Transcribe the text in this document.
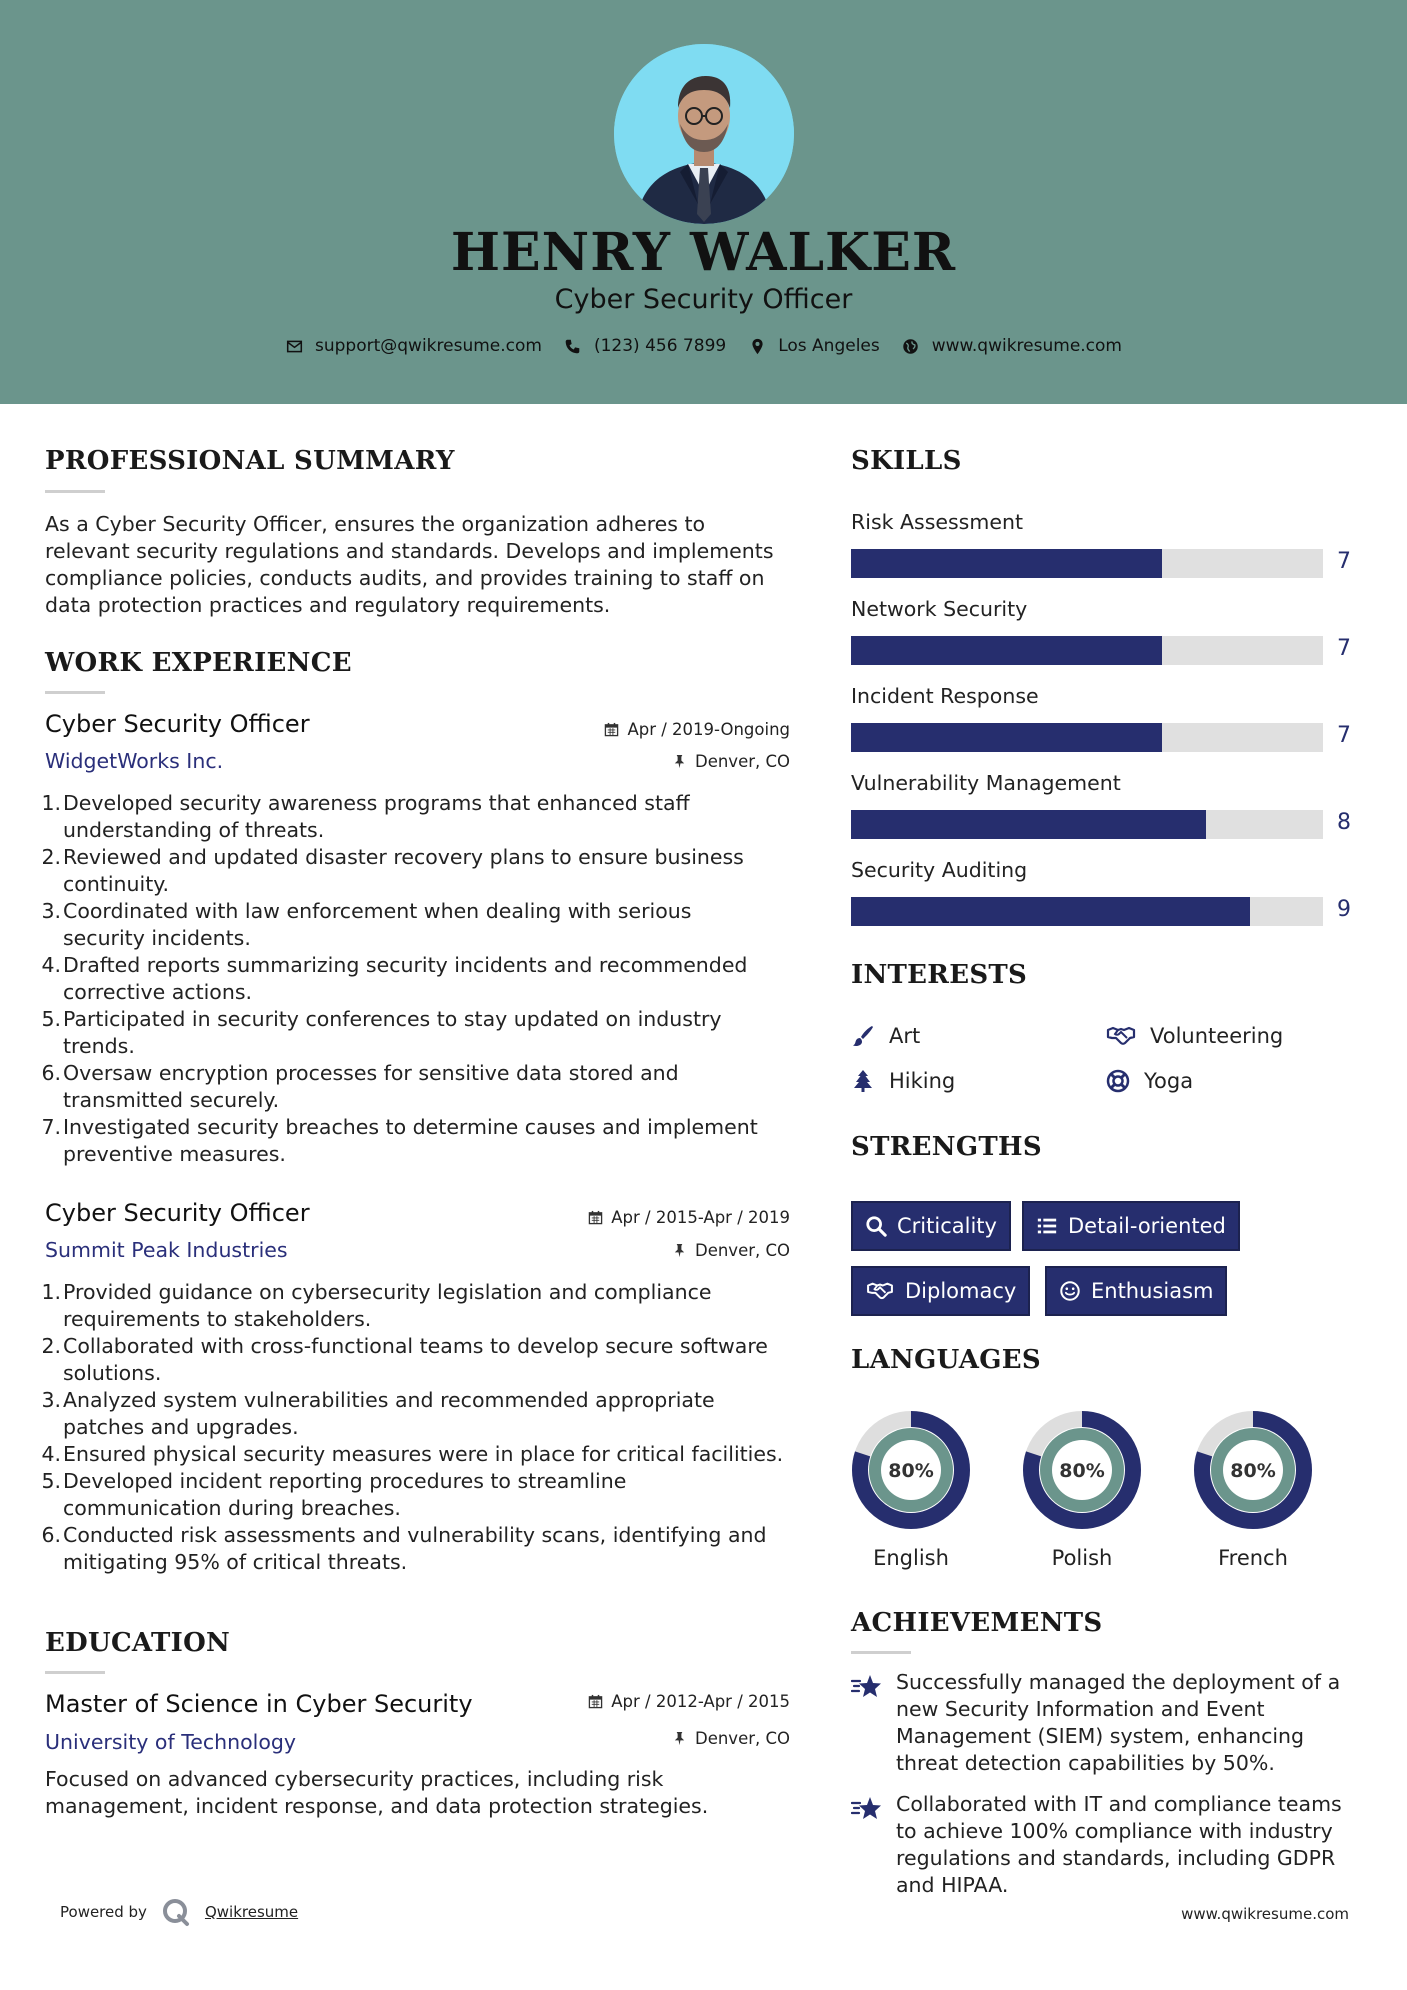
HENRY WALKER
Cyber Security Officer
support@qwikresume.com	(123) 456 7899	Los Angeles	www.qwikresume.com
PROFESSIONAL SUMMARY
As a Cyber Security Officer, ensures the organization adheres to
relevant security regulations and standards. Develops and implements
compliance policies, conducts audits, and provides training to staff on
data protection practices and regulatory requirements.
WORK EXPERIENCE
Cyber Security Officer
WidgetWorks Inc.
Apr / 2019-Ongoing
Denver, CO
1. Developed security awareness programs that enhanced staff
understanding of threats.
2. Reviewed and updated disaster recovery plans to ensure business
continuity.
3. Coordinated with law enforcement when dealing with serious
security incidents.
4. Drafted reports summarizing security incidents and recommended
corrective actions.
5. Participated in security conferences to stay updated on industry
trends.
6. Oversaw encryption processes for sensitive data stored and
transmitted securely.
7. Investigated security breaches to determine causes and implement
preventive measures.
Cyber Security Officer
Summit Peak Industries
Apr / 2015-Apr / 2019
Denver, CO
1. Provided guidance on cybersecurity legislation and compliance
requirements to stakeholders.
2. Collaborated with cross-functional teams to develop secure software
solutions.
3. Analyzed system vulnerabilities and recommended appropriate
patches and upgrades.
4. Ensured physical security measures were in place for critical facilities.
5. Developed incident reporting procedures to streamline
communication during breaches.
6. Conducted risk assessments and vulnerability scans, identifying and
mitigating 95% of critical threats.
EDUCATION
Master of Science in Cyber Security
University of Technology
Apr / 2012-Apr / 2015
Denver, CO
Focused on advanced cybersecurity practices, including risk
management, incident response, and data protection strategies.
SKILLS
Risk Assessment
7
Network Security
7
Incident Response
7
Vulnerability Management
8
Security Auditing
9
INTERESTS
Art	Volunteering
Hiking	Yoga
STRENGTHS
Criticality	Detail-oriented
Diplomacy	Enthusiasm
LANGUAGES
80%
English
80%
Polish
80%
French
ACHIEVEMENTS
Successfully managed the deployment of a
new Security Information and Event
Management (SIEM) system, enhancing
threat detection capabilities by 50%.
Collaborated with IT and compliance teams
to achieve 100% compliance with industry
regulations and standards, including GDPR
and HIPAA.
Powered by	Qwikresume	www.qwikresume.com
